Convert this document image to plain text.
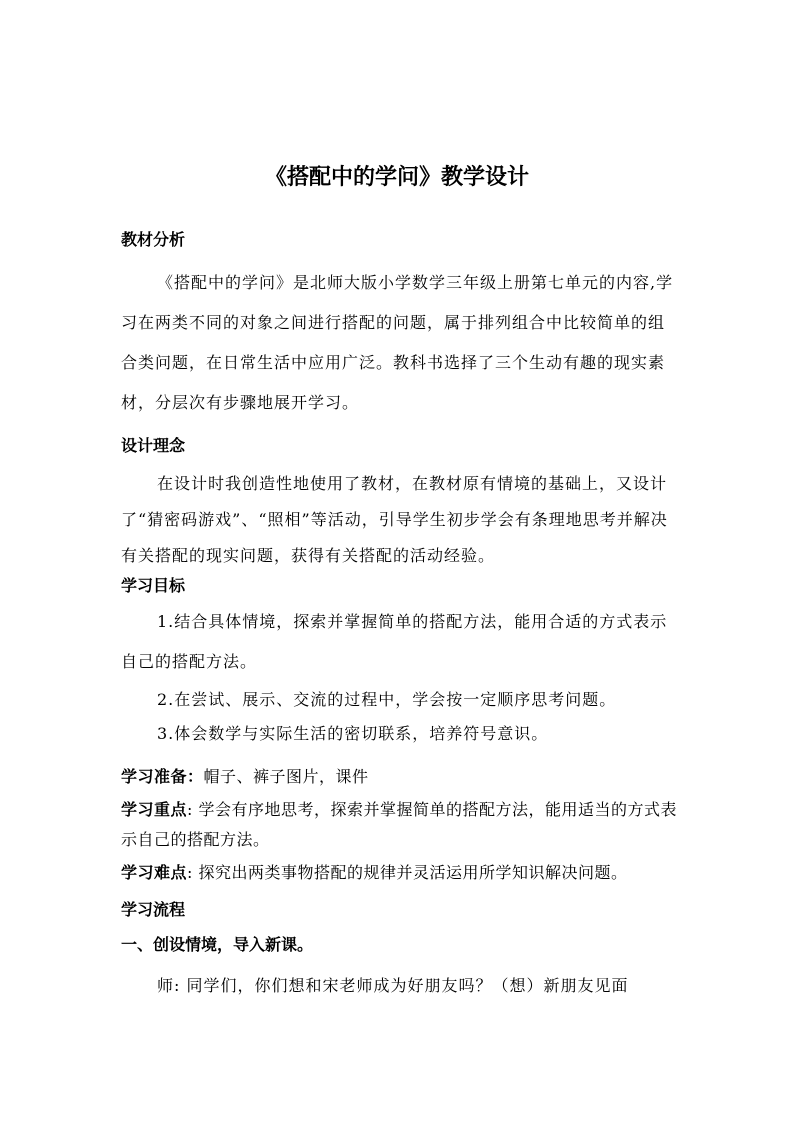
《搭配中的学问》教学设计
教材分析
《搭配中的学问》是北师大版小学数学三年级上册第七单元的内容,学习在两类不同的对象之间进行搭配的问题，属于排列组合中比较简单的组合类问题，在日常生活中应用广泛。教科书选择了三个生动有趣的现实素材，分层次有步骤地展开学习。
设计理念
在设计时我创造性地使用了教材，在教材原有情境的基础上，又设计了“猜密码游戏”、“照相”等活动，引导学生初步学会有条理地思考并解决有关搭配的现实问题，获得有关搭配的活动经验。
学习目标
1.结合具体情境，探索并掌握简单的搭配方法，能用合适的方式表示自己的搭配方法。
2.在尝试、展示、交流的过程中，学会按一定顺序思考问题。
3.体会数学与实际生活的密切联系，培养符号意识。
学习准备：帽子、裤子图片，课件
学习重点: 学会有序地思考，探索并掌握简单的搭配方法，能用适当的方式表示自己的搭配方法。
学习难点: 探究出两类事物搭配的规律并灵活运用所学知识解决问题。
学习流程
一、创设情境，导入新课。
师: 同学们，你们想和宋老师成为好朋友吗？（想）新朋友见面
